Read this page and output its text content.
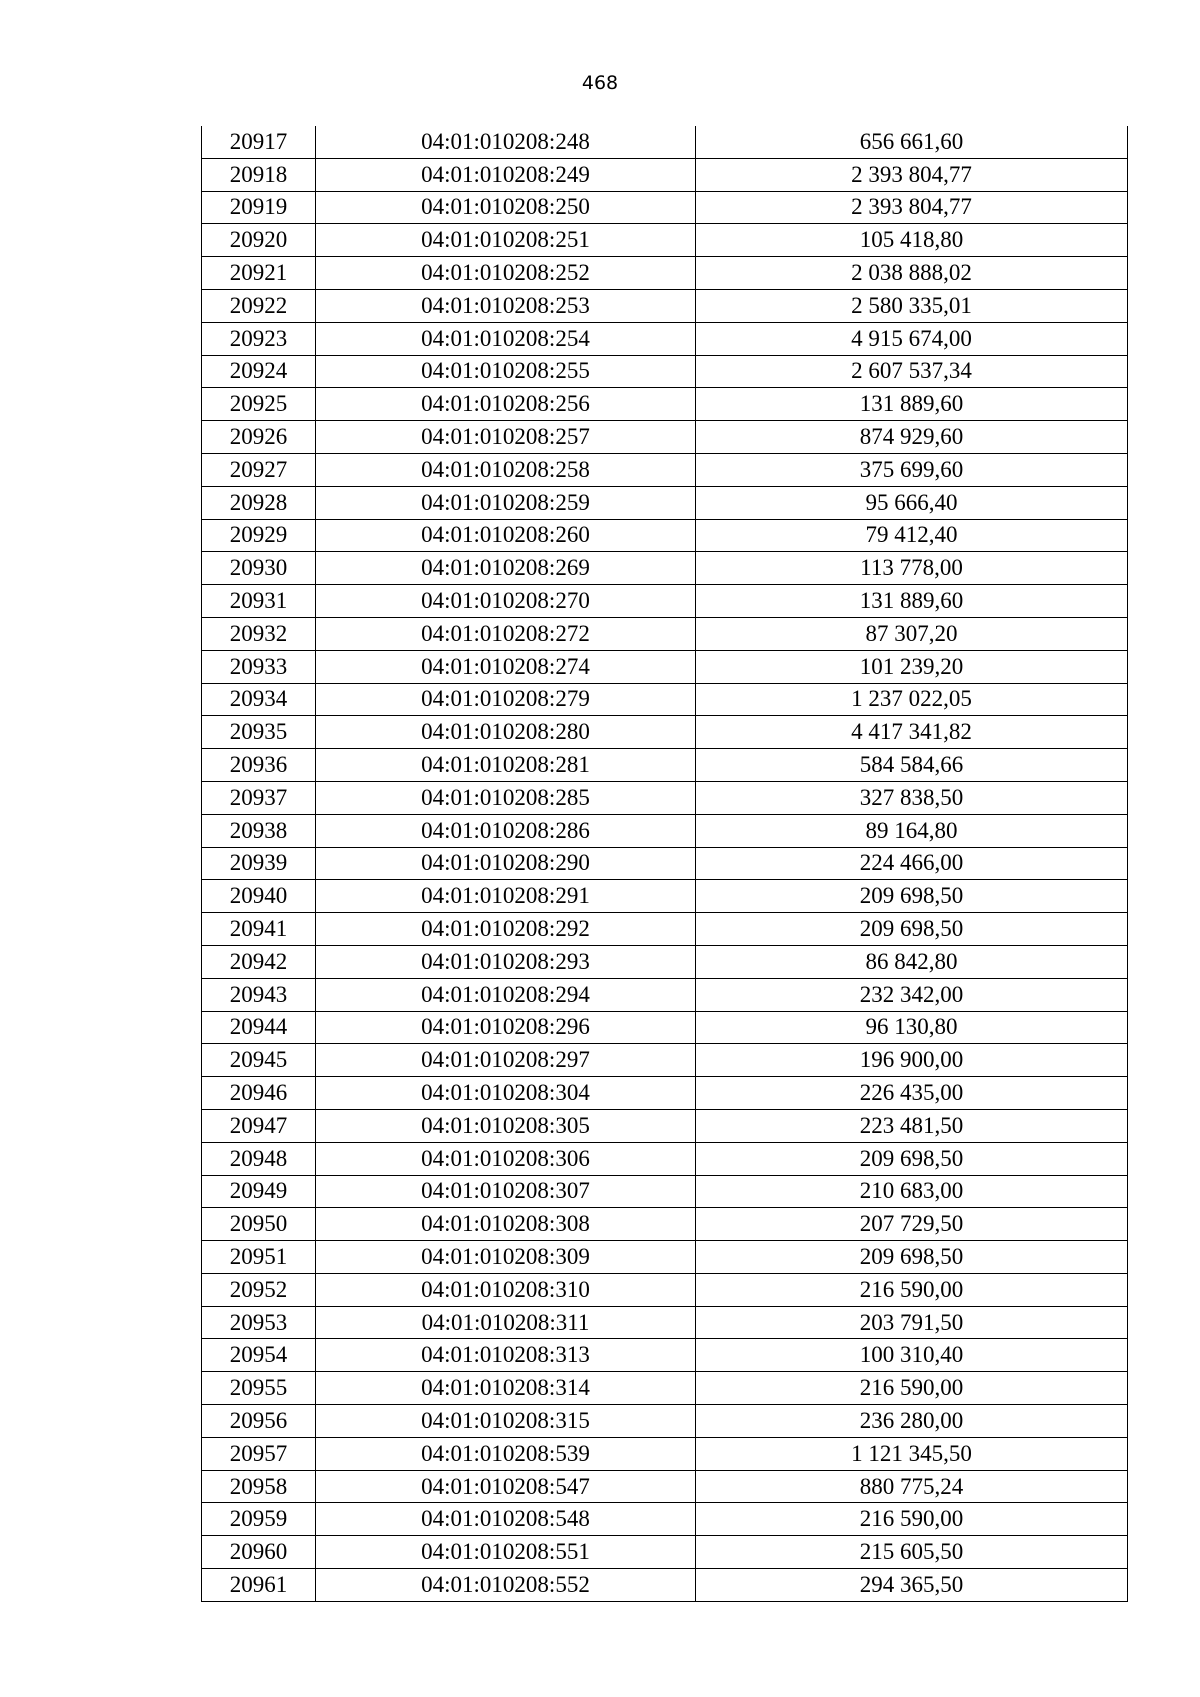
468
20917	04:01:010208:248	656 661,60
20918	04:01:010208:249	2 393 804,77
20919	04:01:010208:250	2 393 804,77
20920	04:01:010208:251	105 418,80
20921	04:01:010208:252	2 038 888,02
20922	04:01:010208:253	2 580 335,01
20923	04:01:010208:254	4 915 674,00
20924	04:01:010208:255	2 607 537,34
20925	04:01:010208:256	131 889,60
20926	04:01:010208:257	874 929,60
20927	04:01:010208:258	375 699,60
20928	04:01:010208:259	95 666,40
20929	04:01:010208:260	79 412,40
20930	04:01:010208:269	113 778,00
20931	04:01:010208:270	131 889,60
20932	04:01:010208:272	87 307,20
20933	04:01:010208:274	101 239,20
20934	04:01:010208:279	1 237 022,05
20935	04:01:010208:280	4 417 341,82
20936	04:01:010208:281	584 584,66
20937	04:01:010208:285	327 838,50
20938	04:01:010208:286	89 164,80
20939	04:01:010208:290	224 466,00
20940	04:01:010208:291	209 698,50
20941	04:01:010208:292	209 698,50
20942	04:01:010208:293	86 842,80
20943	04:01:010208:294	232 342,00
20944	04:01:010208:296	96 130,80
20945	04:01:010208:297	196 900,00
20946	04:01:010208:304	226 435,00
20947	04:01:010208:305	223 481,50
20948	04:01:010208:306	209 698,50
20949	04:01:010208:307	210 683,00
20950	04:01:010208:308	207 729,50
20951	04:01:010208:309	209 698,50
20952	04:01:010208:310	216 590,00
20953	04:01:010208:311	203 791,50
20954	04:01:010208:313	100 310,40
20955	04:01:010208:314	216 590,00
20956	04:01:010208:315	236 280,00
20957	04:01:010208:539	1 121 345,50
20958	04:01:010208:547	880 775,24
20959	04:01:010208:548	216 590,00
20960	04:01:010208:551	215 605,50
20961	04:01:010208:552	294 365,50
